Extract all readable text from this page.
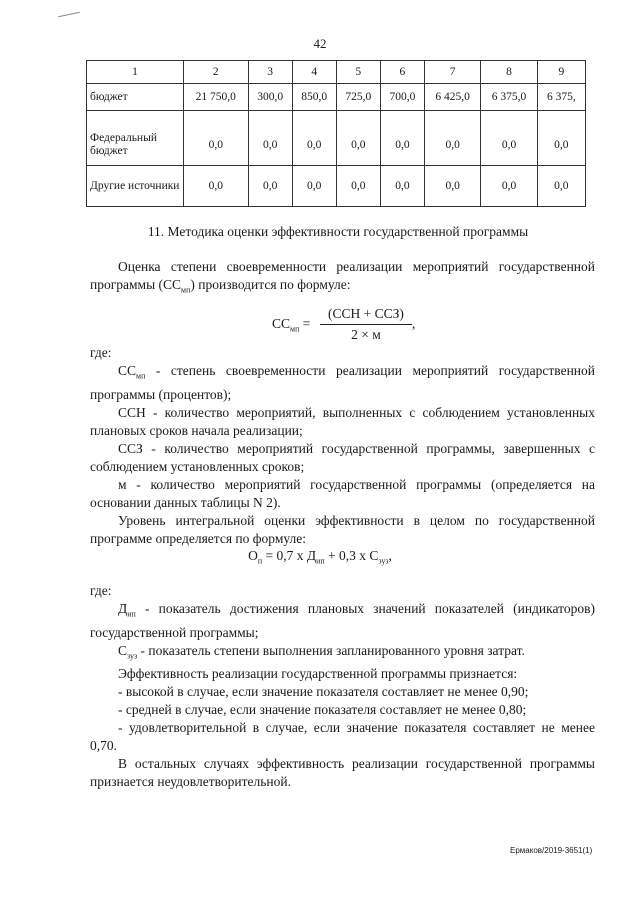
42
1	2	3	4	5	6	7	8	9
бюджет	21 750,0	300,0	850,0	725,0	700,0	6 425,0	6 375,0	6 375,
Федеральный бюджет	0,0	0,0	0,0	0,0	0,0	0,0	0,0	0,0
Другие источники	0,0	0,0	0,0	0,0	0,0	0,0	0,0	0,0
11. Методика оценки эффективности государственной программы

Оценка степени своевременности реализации мероприятий государственной программы $(СС_{мп})$ производится по формуле:

$СС_{мп}$ =
(ССН + ССЗ)
2 × м
,

где:

$СС_{мп}$ - степень своевременности реализации мероприятий государственной программы (процентов);

ССН - количество мероприятий, выполненных с соблюдением установленных плановых сроков начала реализации;

ССЗ - количество мероприятий государственной программы, завершенных с соблюдением установленных сроков;

м - количество мероприятий государственной программы (определяется на основании данных таблицы N 2).

Уровень интегральной оценки эффективности в целом по государственной программе определяется по формуле:

$О_п = 0,7$ х $Д_{ип} + 0,3$ х $С_{зуз}$,

где:

$Д_{ип}$ - показатель достижения плановых значений показателей (индикаторов) государственной программы;

$С_{зуз}$ - показатель степени выполнения запланированного уровня затрат.

Эффективность реализации государственной программы признается:

- высокой в случае, если значение показателя составляет не менее 0,90;

- средней в случае, если значение показателя составляет не менее 0,80;

- удовлетворительной в случае, если значение показателя составляет не менее 0,70.

В остальных случаях эффективность реализации государственной программы признается неудовлетворительной.

Ермаков/2019-3651(1)
